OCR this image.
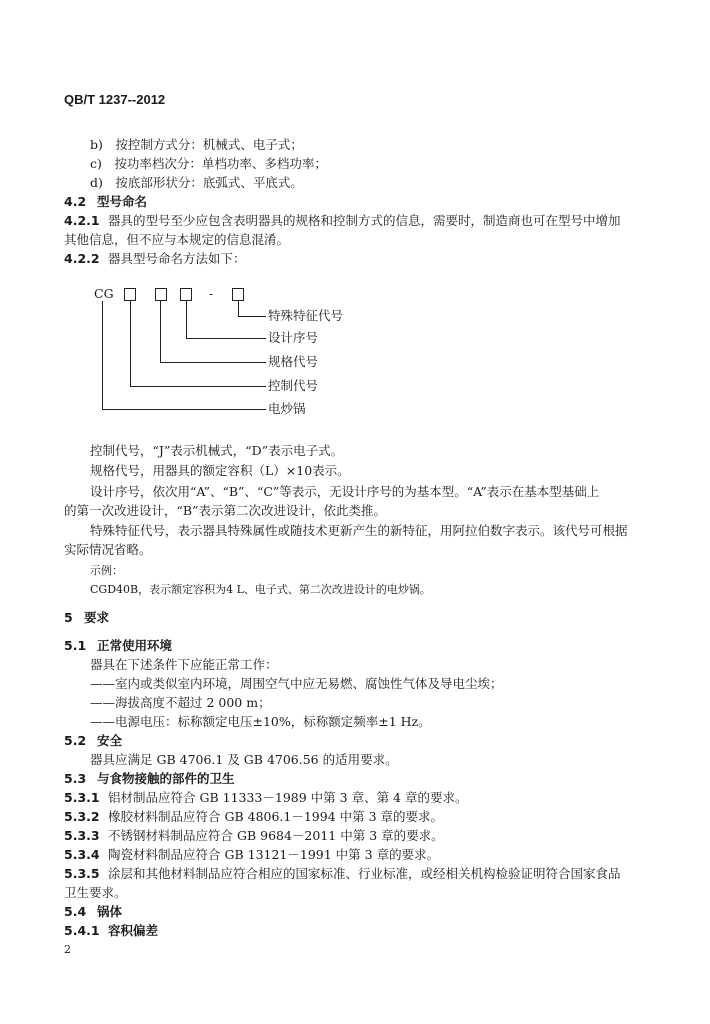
QB/T 1237--2012
b)　按控制方式分：机械式、电子式；
c)　按功率档次分：单档功率、多档功率；
d)　按底部形状分：底弧式、平底式。
4.2 型号命名
4.2.1 器具的型号至少应包含表明器具的规格和控制方式的信息，需要时，制造商也可在型号中增加
其他信息，但不应与本规定的信息混淆。
4.2.2 器具型号命名方法如下：
CG	-
特殊特征代号
设计序号
规格代号
控制代号
电炒锅
控制代号，“J”表示机械式，“D”表示电子式。
规格代号，用器具的额定容积（L）×10表示。
设计序号，依次用“A”、“B”、“C”等表示，无设计序号的为基本型。“A”表示在基本型基础上
的第一次改进设计，“B”表示第二次改进设计，依此类推。
特殊特征代号，表示器具特殊属性或随技术更新产生的新特征，用阿拉伯数字表示。该代号可根据
实际情况省略。
示例：
CGD40B，表示额定容积为4 L、电子式、第二次改进设计的电炒锅。
5 要求
5.1 正常使用环境
器具在下述条件下应能正常工作：
——室内或类似室内环境，周围空气中应无易燃、腐蚀性气体及导电尘埃；
——海拔高度不超过 2 000 m；
——电源电压：标称额定电压±10%，标称额定频率±1 Hz。
5.2 安全
器具应满足 GB 4706.1 及 GB 4706.56 的适用要求。
5.3 与食物接触的部件的卫生
5.3.1 铝材制品应符合 GB 11333－1989 中第 3 章、第 4 章的要求。
5.3.2 橡胶材料制品应符合 GB 4806.1－1994 中第 3 章的要求。
5.3.3 不锈钢材料制品应符合 GB 9684－2011 中第 3 章的要求。
5.3.4 陶瓷材料制品应符合 GB 13121－1991 中第 3 章的要求。
5.3.5 涂层和其他材料制品应符合相应的国家标准、行业标准，或经相关机构检验证明符合国家食品
卫生要求。
5.4 锅体
5.4.1 容积偏差
2
